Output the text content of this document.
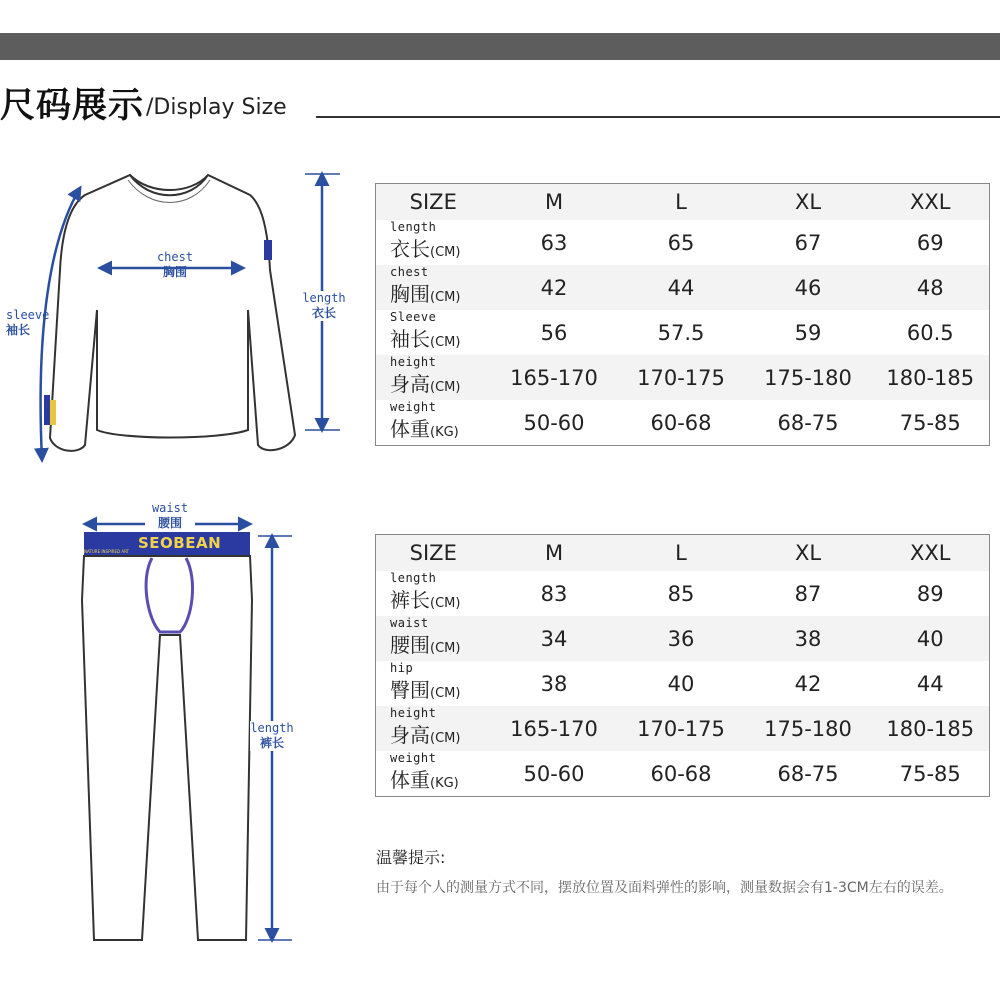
尺码展示 /Display Size
chest
胸围
sleeve
袖长
length
衣长
waist
腰围
SEOBEAN
NATURE INSPIRED ART
length
裤长
SIZE	M	L	XL	XXL

length
衣长(CM)	63	65	67	69

chest
胸围(CM)	42	44	46	48

Sleeve
袖长(CM)	56	57.5	59	60.5

height
身高(CM)	165-170	170-175	175-180	180-185

weight
体重(KG)	50-60	60-68	68-75	75-85
SIZE	M	L	XL	XXL

length
裤长(CM)	83	85	87	89

waist
腰围(CM)	34	36	38	40

hip
臀围(CM)	38	40	42	44

height
身高(CM)	165-170	170-175	175-180	180-185

weight
体重(KG)	50-60	60-68	68-75	75-85
温馨提示:
由于每个人的测量方式不同，摆放位置及面料弹性的影响，测量数据会有1-3CM左右的误差。
